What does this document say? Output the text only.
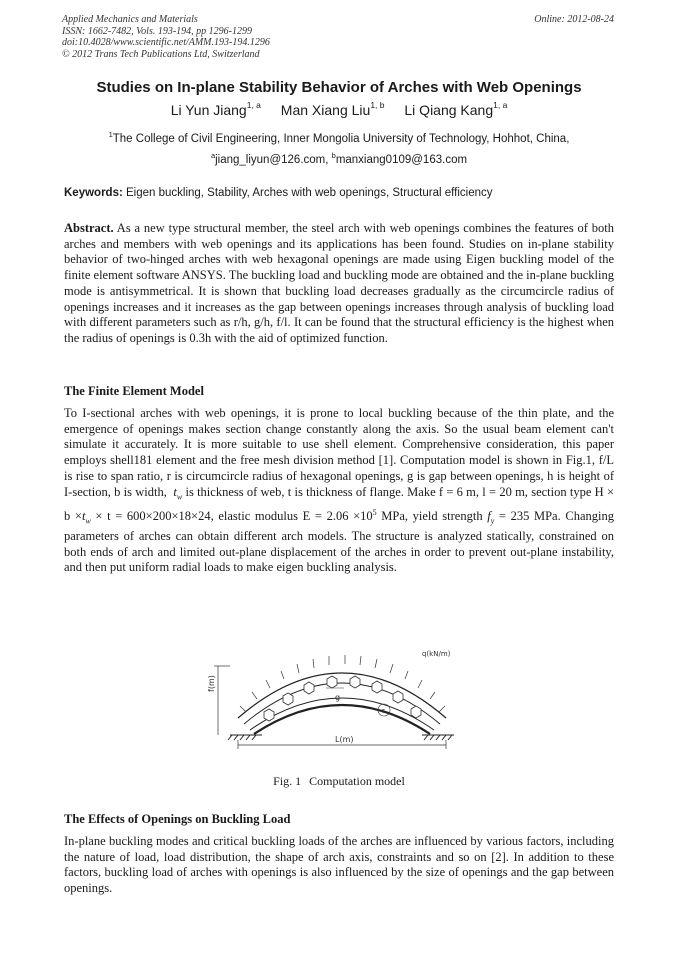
Applied Mechanics and Materials
ISSN: 1662-7482, Vols. 193-194, pp 1296-1299
doi:10.4028/www.scientific.net/AMM.193-194.1296
© 2012 Trans Tech Publications Ltd, Switzerland
Online: 2012-08-24
Studies on In-plane Stability Behavior of Arches with Web Openings
Li Yun Jiang$^{1, a}$ Man Xiang Liu$^{1, b}$ Li Qiang Kang$^{1, a}$
$^1$The College of Civil Engineering, Inner Mongolia University of Technology, Hohhot, China,
$^a$jiang_liyun@126.com, $^b$manxiang0109@163.com
Keywords: Eigen buckling, Stability, Arches with web openings, Structural efficiency
Abstract. As a new type structural member, the steel arch with web openings combines the features of both arches and members with web openings and its applications has been found. Studies on in-plane stability behavior of two-hinged arches with web hexagonal openings are made using Eigen buckling model of the finite element software ANSYS. The buckling load and buckling mode are obtained and the in-plane buckling mode is antisymmetrical. It is shown that buckling load decreases gradually as the circumcircle radius of openings increases and it increases as the gap between openings increases through analysis of buckling load with different parameters such as r/h, g/h, f/l. It can be found that the structural efficiency is the highest when the radius of openings is 0.3h with the aid of optimized function.
The Finite Element Model
To I-sectional arches with web openings, it is prone to local buckling because of the thin plate, and the emergence of openings makes section change constantly along the axis. So the usual beam element can't simulate it accurately. It is more suitable to use shell element. Comprehensive consideration, this paper employs shell181 element and the free mesh division method [1]. Computation model is shown in Fig.1, f/L is rise to span ratio, r is circumcircle radius of hexagonal openings, g is gap between openings, h is height of I-section, b is width, $t_w$ is thickness of web, t is thickness of flange. Make f = 6 m, l = 20 m, section type $H \times b \times t_w \times t = 600\times 200\times 18\times 24$, elastic modulus $E = 2.06 \times 10^5$ MPa, yield strength $f_y = 235$ MPa. Changing parameters of arches can obtain different arch models. The structure is analyzed statically, constrained on both ends of arch and limited out-plane displacement of the arches in order to prevent out-plane instability, and then put uniform radial loads to make eigen buckling analysis.
f(m)
L(m)
g
r
q(kN/m)
Fig. 1 Computation model
The Effects of Openings on Buckling Load
In-plane buckling modes and critical buckling loads of the arches are influenced by various factors, including the nature of load, load distribution, the shape of arch axis, constraints and so on [2]. In addition to these factors, buckling load of arches with openings is also influenced by the size of openings and the gap between openings.
